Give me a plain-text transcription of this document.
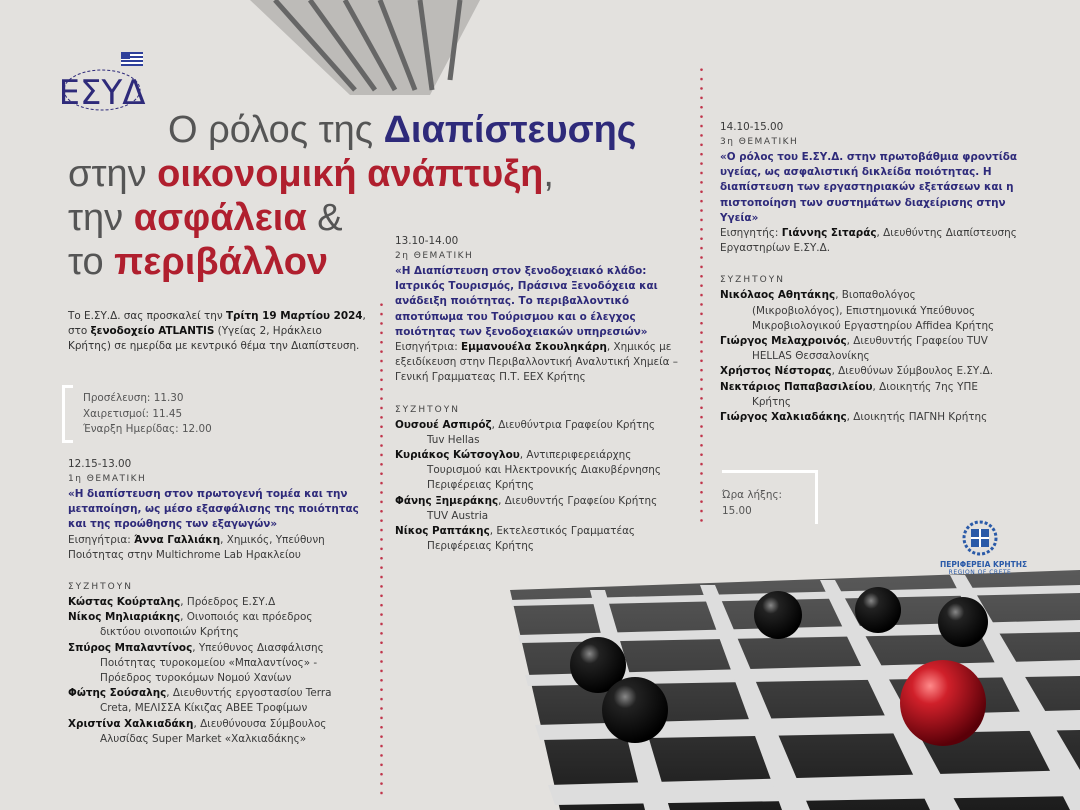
ΕΣΥΔ
Ο ρόλος της Διαπίστευσης
στην οικονομική ανάπτυξη,
την ασφάλεια &
το περιβάλλον
Το Ε.ΣΥ.Δ. σας προσκαλεί την Τρίτη 19 Μαρτίου 2024, στο ξενοδοχείο ATLANTIS (Υγείας 2, Ηράκλειο Κρήτης) σε ημερίδα με κεντρικό θέμα την Διαπίστευση.
Προσέλευση: 11.30
Χαιρετισμοί: 11.45
Έναρξη Ημερίδας: 12.00
12.15-13.00
1η ΘΕΜΑΤΙΚΗ
«Η διαπίστευση στον πρωτογενή τομέα και την μεταποίηση, ως μέσο εξασφάλισης της ποιότητας και της προώθησης των εξαγωγών»
Εισηγήτρια: Άννα Γαλλιάκη, Χημικός, Υπεύθυνη Ποιότητας στην Multichrome Lab Ηρακλείου
ΣΥΖΗΤΟΥΝ
Κώστας Κούρταλης, Πρόεδρος Ε.ΣΥ.Δ
Νίκος Μηλιαριάκης, Οινοποιός και πρόεδρος
δικτύου οινοποιών Κρήτης
Σπύρος Μπαλαντίνος, Υπεύθυνος Διασφάλισης
Ποιότητας τυροκομείου «Μπαλαντίνος» - Πρόεδρος τυροκόμων Νομού Χανίων
Φώτης Σούσαλης, Διευθυντής εργοστασίου Terra
Creta, ΜΕΛΙΣΣΑ Κίκιζας ΑΒΕΕ Τροφίμων
Χριστίνα Χαλκιαδάκη, Διευθύνουσα Σύμβουλος
Αλυσίδας Super Market «Χαλκιαδάκης»
13.10-14.00
2η ΘΕΜΑΤΙΚΗ
«Η Διαπίστευση στον ξενοδοχειακό κλάδο: Ιατρικός Τουρισμός, Πράσινα Ξενοδόχεια και ανάδειξη ποιότητας. Το περιβαλλοντικό αποτύπωμα του Τούρισμου και ο έλεγχος ποιότητας των ξενοδοχειακών υπηρεσιών»
Εισηγήτρια: Εμμανουέλα Σκουληκάρη, Χημικός με εξειδίκευση στην Περιβαλλοντική Αναλυτική Χημεία – Γενική Γραμματεας Π.Τ. ΕΕΧ Κρήτης
ΣΥΖΗΤΟΥΝ
Ουσουέ Ασπιρόζ, Διευθύντρια Γραφείου Κρήτης
Tuv Hellas
Κυριάκος Κώτσογλου, Αντιπεριφερειάρχης
Τουρισμού και Ηλεκτρονικής Διακυβέρνησης Περιφέρειας Κρήτης
Φάνης Ξημεράκης, Διευθυντής Γραφείου Κρήτης
TUV Austria
Νίκος Ραπτάκης, Εκτελεστικός Γραμματέας
Περιφέρειας Κρήτης
14.10-15.00
3η ΘΕΜΑΤΙΚΗ
«Ο ρόλος του Ε.ΣΥ.Δ. στην πρωτοβάθμια φροντίδα υγείας, ως ασφαλιστική δικλείδα ποιότητας. Η διαπίστευση των εργαστηριακών εξετάσεων και η πιστοποίηση των συστημάτων διαχείρισης στην Υγεία»
Εισηγητής: Γιάννης Σιταράς, Διευθύντης Διαπίστευσης Εργαστηρίων Ε.ΣΥ.Δ.
ΣΥΖΗΤΟΥΝ
Νικόλαος Αθητάκης, Βιοπαθολόγος
(Μικροβιολόγος), Επιστημονικά Υπεύθυνος Μικροβιολογικού Εργαστηρίου Affidea Κρήτης
Γιώργος Μελαχροινός, Διευθυντής Γραφείου TUV
HELLAS Θεσσαλονίκης
Χρήστος Νέστορας, Διευθύνων Σύμβουλος Ε.ΣΥ.Δ.
Νεκτάριος Παπαβασιλείου, Διοικητής 7ης ΥΠΕ
Κρήτης
Γιώργος Χαλκιαδάκης, Διοικητής ΠΑΓΝΗ Κρήτης
Ώρα λήξης: 15.00
ΠΕΡΙΦΕΡΕΙΑ ΚΡΗΤΗΣ
REGION OF CRETE
